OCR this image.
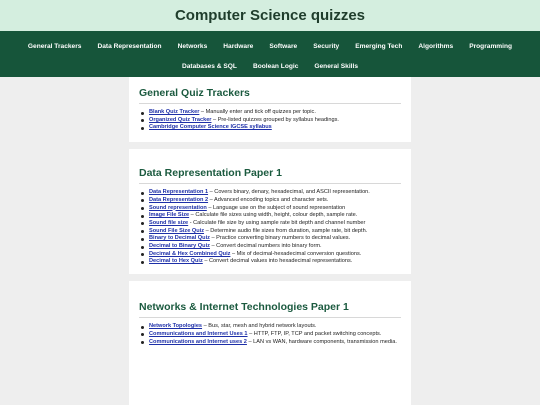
Computer Science quizzes
General Trackers	Data Representation	Networks	Hardware	Software	Security	Emerging Tech	Algorithms	Programming
Databases & SQL	Boolean Logic	General Skills
General Quiz Trackers
Blank Quiz Tracker – Manually enter and tick off quizzes per topic.
Organized Quiz Tracker – Pre-listed quizzes grouped by syllabus headings.
Cambridge Computer Science IGCSE syllabus
Data Representation Paper 1
Data Representation 1 – Covers binary, denary, hexadecimal, and ASCII representation.
Data Representation 2 – Advanced encoding topics and character sets.
Sound representation – Language use on the subject of sound representation
Image File Size – Calculate file sizes using width, height, colour depth, sample rate.
Sound file size - Calculate file size by using sample rate bit depth and channel number
Sound File Size Quiz – Determine audio file sizes from duration, sample rate, bit depth.
Binary to Decimal Quiz – Practice converting binary numbers to decimal values.
Decimal to Binary Quiz – Convert decimal numbers into binary form.
Decimal & Hex Combined Quiz – Mix of decimal-hexadecimal conversion questions.
Decimal to Hex Quiz – Convert decimal values into hexadecimal representations.
Networks & Internet Technologies Paper 1
Network Topologies – Bus, star, mesh and hybrid network layouts.
Communications and Internet Uses 1 – HTTP, FTP, IP, TCP and packet switching concepts.
Communications and Internet uses 2 – LAN vs WAN, hardware components, transmission media.
